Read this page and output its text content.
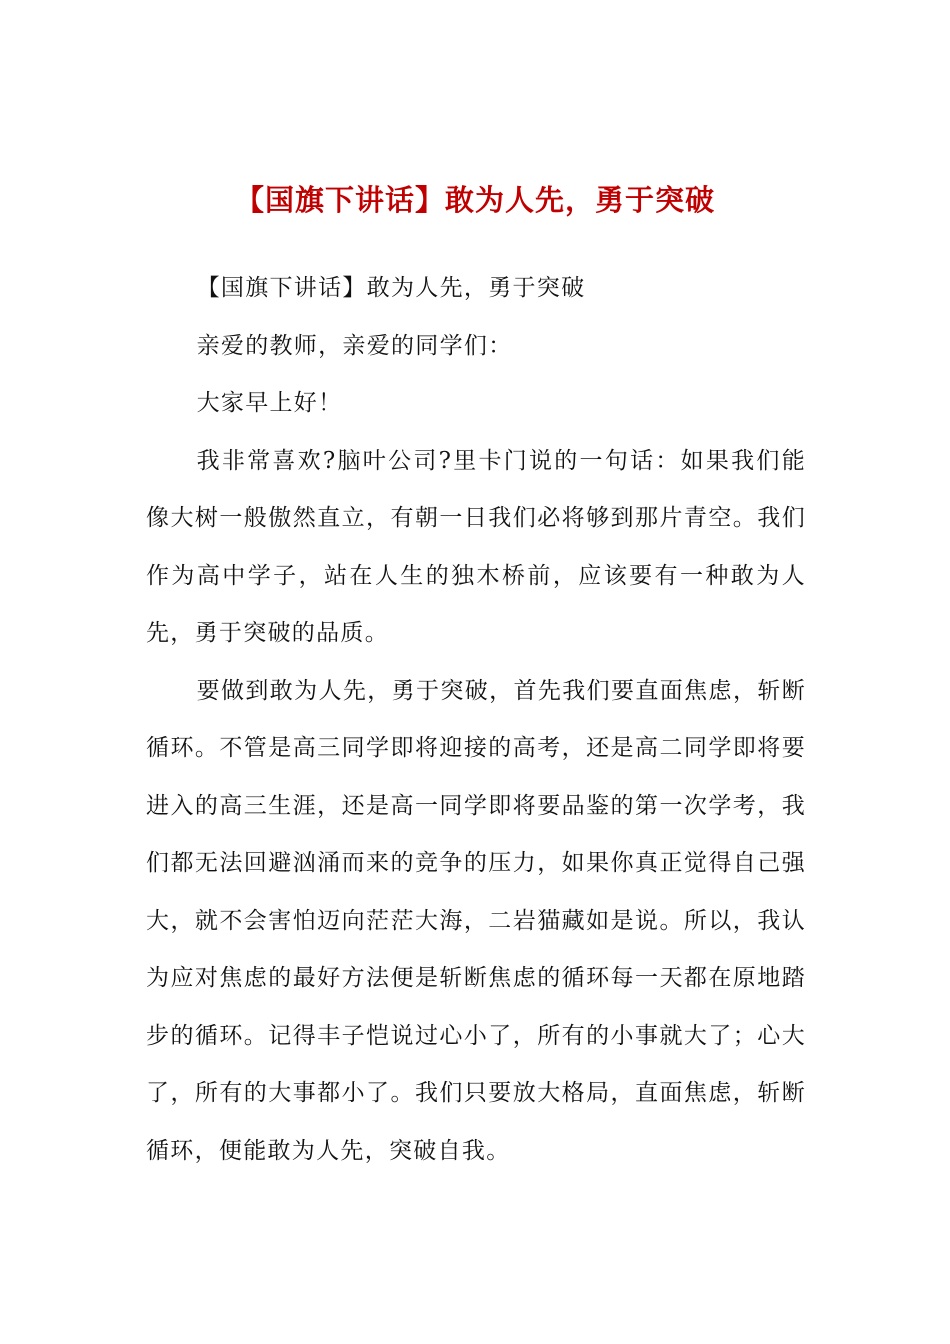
【国旗下讲话】敢为人先，勇于突破

【国旗下讲话】敢为人先，勇于突破

亲爱的教师，亲爱的同学们：

大家早上好！

我非常喜欢?脑叶公司?里卡门说的一句话：如果我们能像大树一般傲然直立，有朝一日我们必将够到那片青空。我们作为高中学子，站在人生的独木桥前，应该要有一种敢为人先，勇于突破的品质。

要做到敢为人先，勇于突破，首先我们要直面焦虑，斩断循环。不管是高三同学即将迎接的高考，还是高二同学即将要进入的高三生涯，还是高一同学即将要品鉴的第一次学考，我们都无法回避汹涌而来的竞争的压力，如果你真正觉得自己强大，就不会害怕迈向茫茫大海，二岩猫藏如是说。所以，我认为应对焦虑的最好方法便是斩断焦虑的循环每一天都在原地踏步的循环。记得丰子恺说过心小了，所有的小事就大了；心大了，所有的大事都小了。我们只要放大格局，直面焦虑，斩断循环，便能敢为人先，突破自我。
